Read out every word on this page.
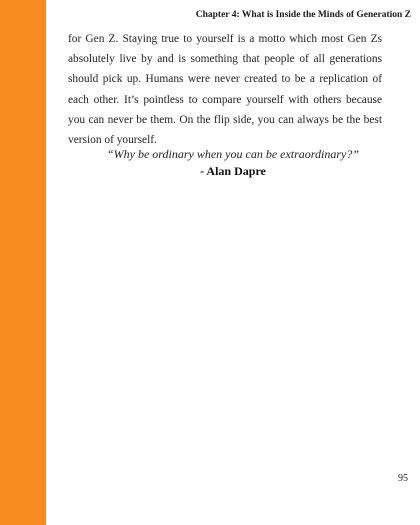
Chapter 4: What is Inside the Minds of Generation Z

for Gen Z. Staying true to yourself is a motto which most Gen Zs absolutely live by and is something that people of all generations should pick up. Humans were never created to be a replication of each other. It’s pointless to compare yourself with others because you can never be them. On the flip side, you can always be the best version of yourself.

“Why be ordinary when you can be extraordinary?”
- Alan Dapre
95
